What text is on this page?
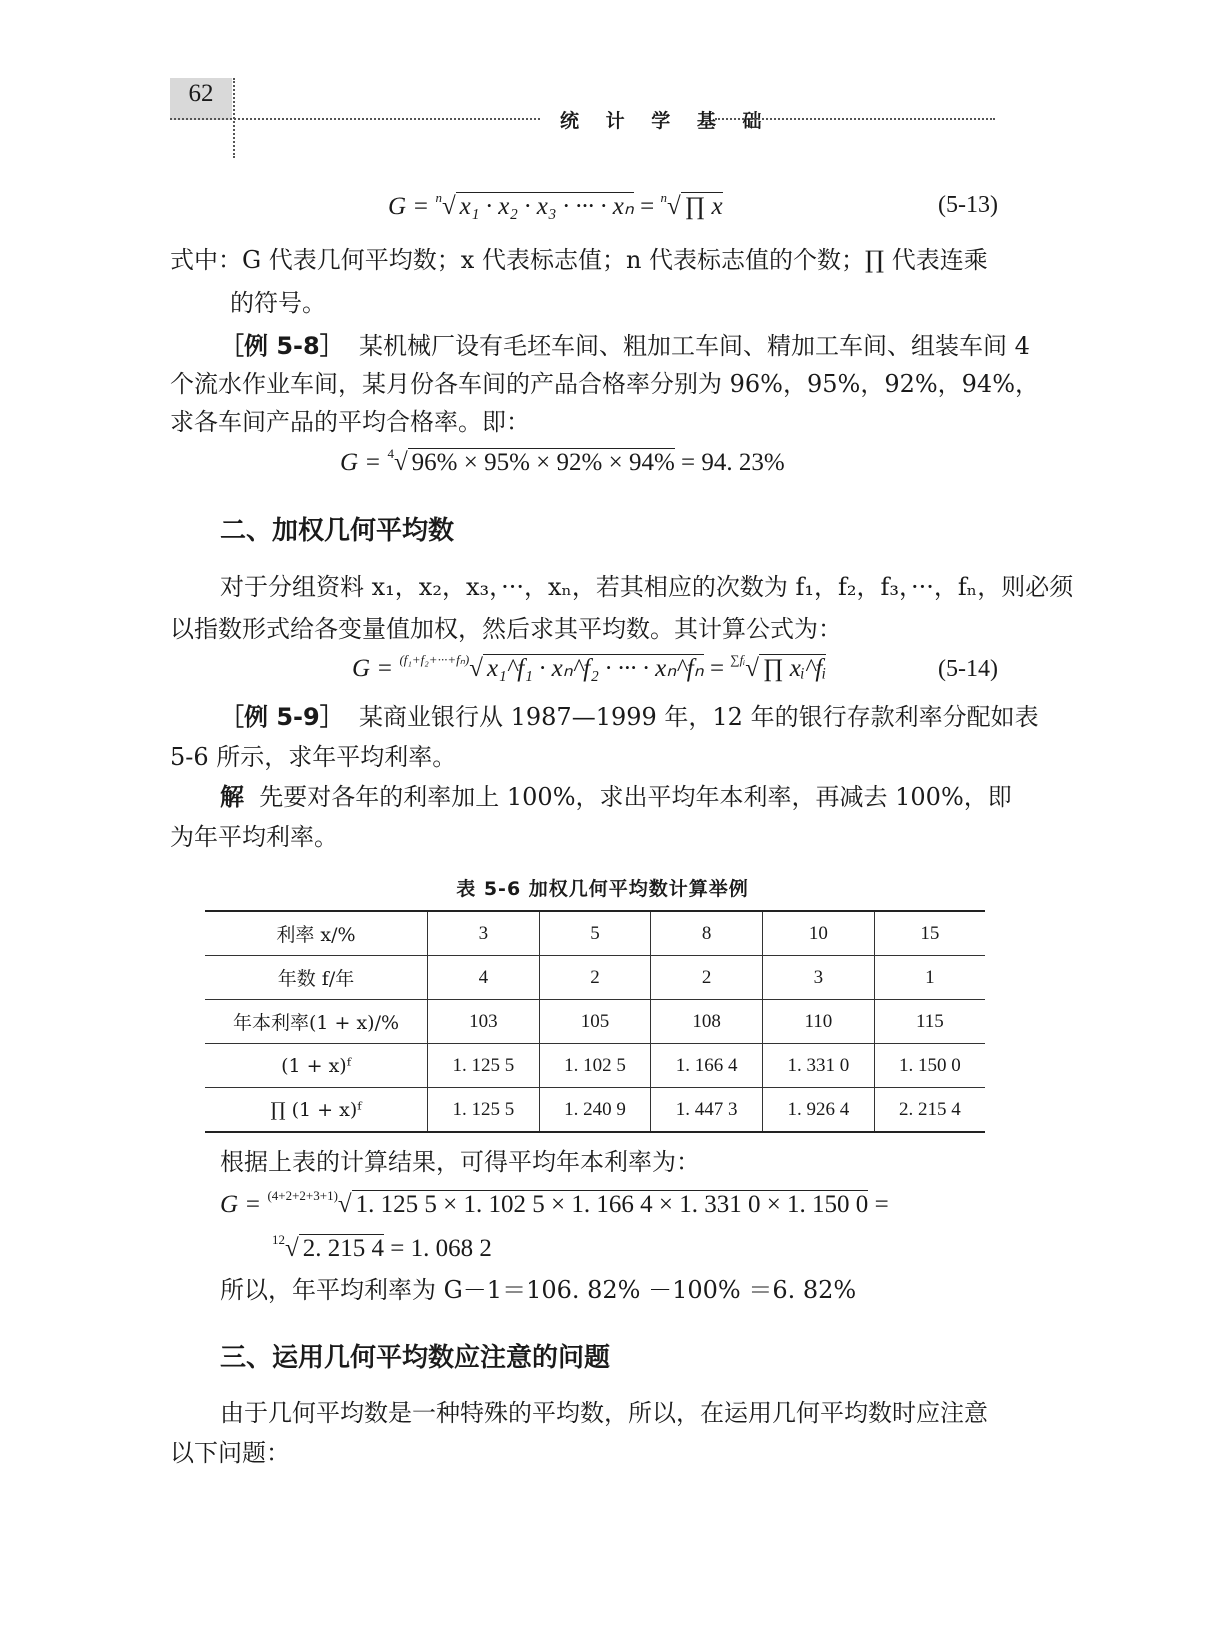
62
统 计 学 基 础
G = $^n$√ x₁ · x₂ · x₃ · ··· · xₙ = $^n$√ ∏ x	(5-13)
式中：G 代表几何平均数；x 代表标志值；n 代表标志值的个数；∏ 代表连乘
的符号。
［例 5-8］ 某机械厂设有毛坯车间、粗加工车间、精加工车间、组装车间 4
个流水作业车间，某月份各车间的产品合格率分别为 96%，95%，92%，94%，
求各车间产品的平均合格率。即：
G = $^4$√ 96% × 95% × 92% × 94% = 94. 23%
二、加权几何平均数
对于分组资料 x₁，x₂，x₃，···，xₙ，若其相应的次数为 f₁，f₂，f₃，···，fₙ，则必须
以指数形式给各变量值加权，然后求其平均数。其计算公式为：
G = $^{(f_1+f_2+\cdot\cdot\cdot+f_n)}$√ x₁^f₁ · xₙ^f₂ · ··· · xₙ^fₙ = $^{\sum fᵢ}$√ ∏ xᵢ^fᵢ	(5-14)
［例 5-9］ 某商业银行从 1987—1999 年，12 年的银行存款利率分配如表
5-6 所示，求年平均利率。
解 先要对各年的利率加上 100%，求出平均年本利率，再减去 100%，即
为年平均利率。
表 5-6 加权几何平均数计算举例
利率 x/%	3	5	8	10	15
年数 f/年	4	2	2	3	1
年本利率(1 + x)/%	103	105	108	110	115
(1 + x)ᶠ	1. 125 5	1. 102 5	1. 166 4	1. 331 0	1. 150 0
∏ (1 + x)ᶠ	1. 125 5	1. 240 9	1. 447 3	1. 926 4	2. 215 4
根据上表的计算结果，可得平均年本利率为：
G = $^{(4+2+2+3+1)}$√ 1. 125 5 × 1. 102 5 × 1. 166 4 × 1. 331 0 × 1. 150 0 =
$^{12}$√ 2. 215 4 = 1. 068 2
所以，年平均利率为 G－1＝106. 82% －100% ＝6. 82%
三、运用几何平均数应注意的问题
由于几何平均数是一种特殊的平均数，所以，在运用几何平均数时应注意
以下问题：
